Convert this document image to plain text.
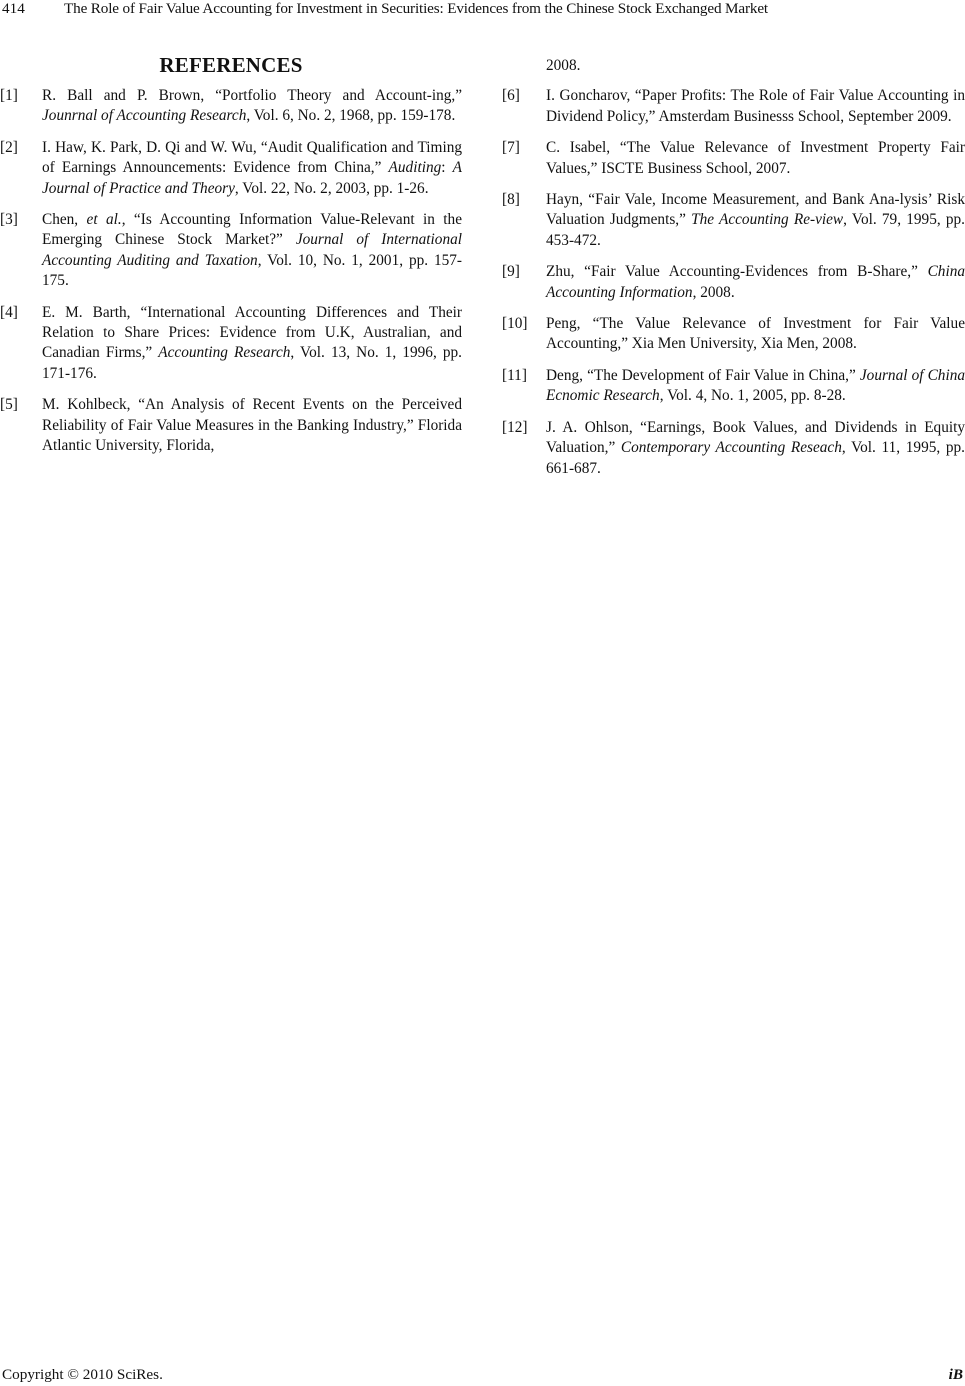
414	The Role of Fair Value Accounting for Investment in Securities: Evidences from the Chinese Stock Exchanged Market
REFERENCES
[1] R. Ball and P. Brown, “Portfolio Theory and Account-ing,” Jounrnal of Accounting Research, Vol. 6, No. 2, 1968, pp. 159-178.
[2] I. Haw, K. Park, D. Qi and W. Wu, “Audit Qualification and Timing of Earnings Announcements: Evidence from China,” Auditing: A Journal of Practice and Theory, Vol. 22, No. 2, 2003, pp. 1-26.
[3] Chen, et al., “Is Accounting Information Value-Relevant in the Emerging Chinese Stock Market?” Journal of International Accounting Auditing and Taxation, Vol. 10, No. 1, 2001, pp. 157-175.
[4] E. M. Barth, “International Accounting Differences and Their Relation to Share Prices: Evidence from U.K, Australian, and Canadian Firms,” Accounting Research, Vol. 13, No. 1, 1996, pp. 171-176.
[5] M. Kohlbeck, “An Analysis of Recent Events on the Perceived Reliability of Fair Value Measures in the Banking Industry,” Florida Atlantic University, Florida,
2008.
[6] I. Goncharov, “Paper Profits: The Role of Fair Value Accounting in Dividend Policy,” Amsterdam Businesss School, September 2009.
[7] C. Isabel, “The Value Relevance of Investment Property Fair Values,” ISCTE Business School, 2007.
[8] Hayn, “Fair Vale, Income Measurement, and Bank Ana-lysis’ Risk Valuation Judgments,” The Accounting Re-view, Vol. 79, 1995, pp. 453-472.
[9] Zhu, “Fair Value Accounting-Evidences from B-Share,” China Accounting Information, 2008.
[10] Peng, “The Value Relevance of Investment for Fair Value Accounting,” Xia Men University, Xia Men, 2008.
[11] Deng, “The Development of Fair Value in China,” Journal of China Ecnomic Research, Vol. 4, No. 1, 2005, pp. 8-28.
[12] J. A. Ohlson, “Earnings, Book Values, and Dividends in Equity Valuation,” Contemporary Accounting Reseach, Vol. 11, 1995, pp. 661-687.
Copyright © 2010 SciRes.	iB
